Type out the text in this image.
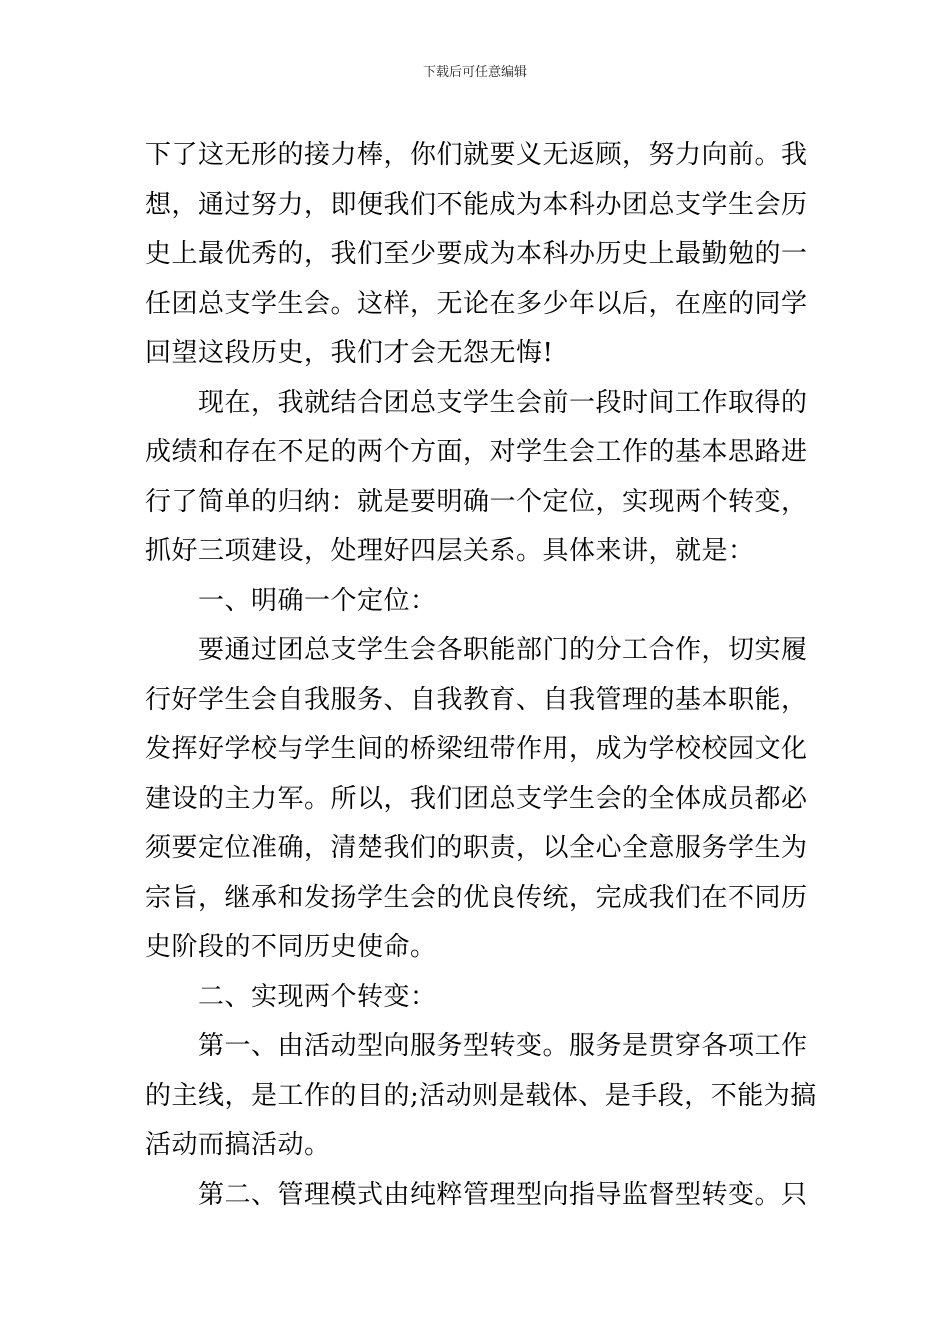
下载后可任意编辑
下了这无形的接力棒，你们就要义无返顾，努力向前。我
想，通过努力，即便我们不能成为本科办团总支学生会历
史上最优秀的，我们至少要成为本科办历史上最勤勉的一
任团总支学生会。这样，无论在多少年以后，在座的同学
回望这段历史，我们才会无怨无悔!
　　现在，我就结合团总支学生会前一段时间工作取得的
成绩和存在不足的两个方面，对学生会工作的基本思路进
行了简单的归纳：就是要明确一个定位，实现两个转变，
抓好三项建设，处理好四层关系。具体来讲，就是：
　　一、明确一个定位：
　　要通过团总支学生会各职能部门的分工合作，切实履
行好学生会自我服务、自我教育、自我管理的基本职能，
发挥好学校与学生间的桥梁纽带作用，成为学校校园文化
建设的主力军。所以，我们团总支学生会的全体成员都必
须要定位准确，清楚我们的职责，以全心全意服务学生为
宗旨，继承和发扬学生会的优良传统，完成我们在不同历
史阶段的不同历史使命。
　　二、实现两个转变：
　　第一、由活动型向服务型转变。服务是贯穿各项工作
的主线，是工作的目的;活动则是载体、是手段，不能为搞
活动而搞活动。
　　第二、管理模式由纯粹管理型向指导监督型转变。只
